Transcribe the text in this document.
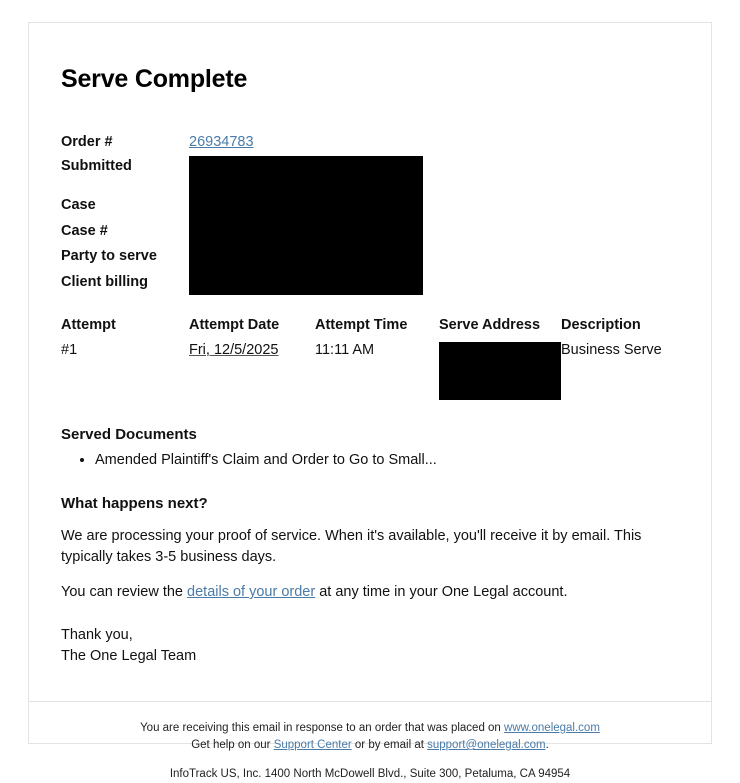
Serve Complete
Order #	26934783
Submitted	

Case	
Case #	
Party to serve	
Client billing	
Attempt	Attempt Date	Attempt Time	Serve Address	Description
#1	Fri, 12/5/2025	11:11 AM		Business Serve
Served Documents
• Amended Plaintiff's Claim and Order to Go to Small...
What happens next?

We are processing your proof of service. When it's available, you'll receive it by email. This typically takes 3-5 business days.

You can review the details of your order at any time in your One Legal account.

Thank you,
The One Legal Team
You are receiving this email in response to an order that was placed on www.onelegal.com
Get help on our Support Center or by email at support@onelegal.com.
InfoTrack US, Inc. 1400 North McDowell Blvd., Suite 300, Petaluma, CA 94954
